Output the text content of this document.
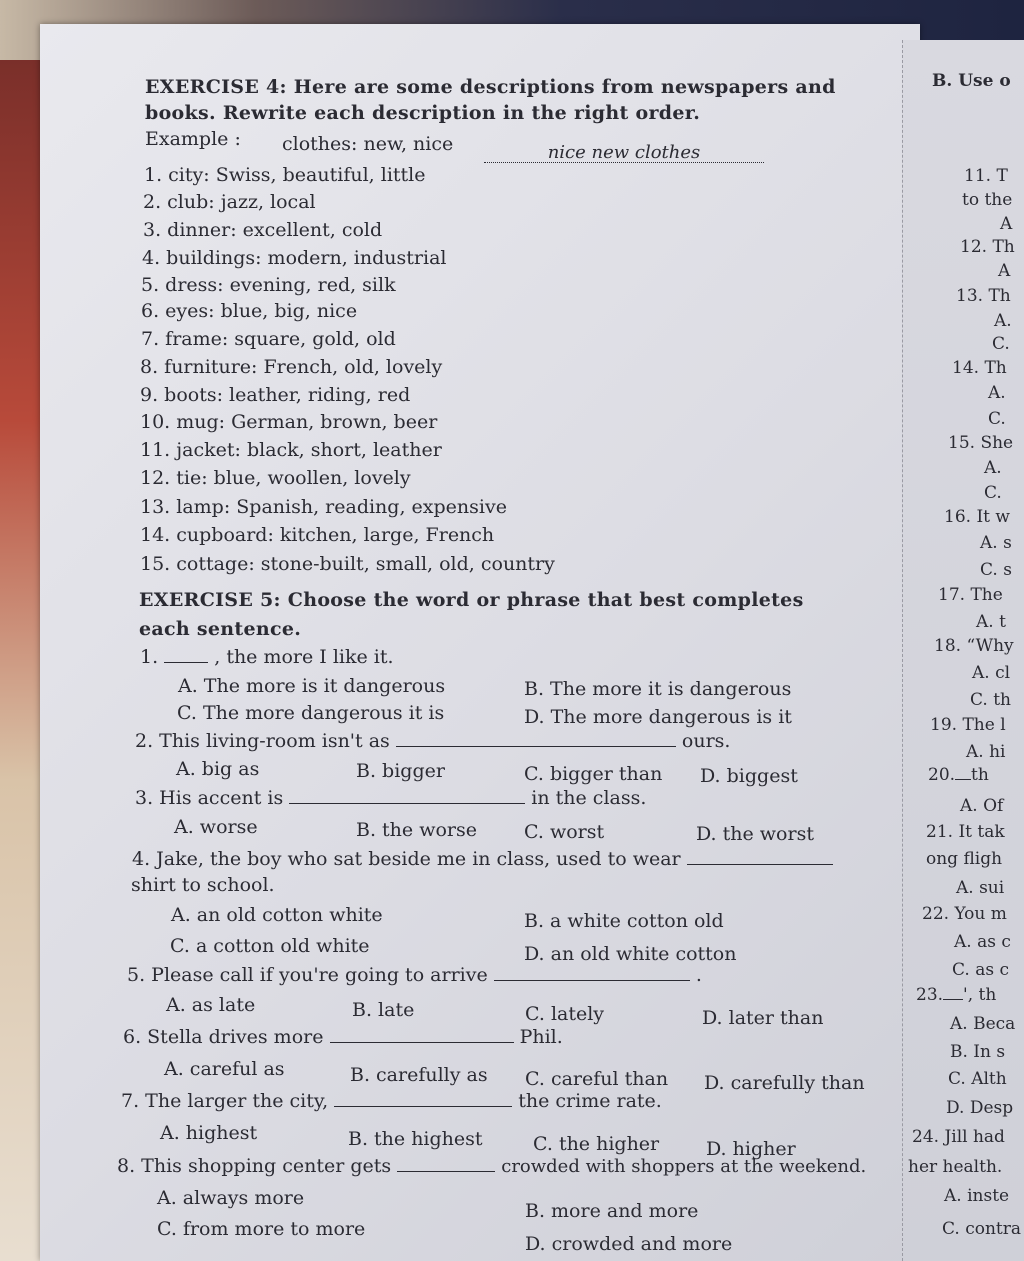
EXERCISE 4: Here are some descriptions from newspapers and
books. Rewrite each description in the right order.
Example : clothes: new, nice	nice new clothes
1. city: Swiss, beautiful, little
2. club: jazz, local
3. dinner: excellent, cold
4. buildings: modern, industrial
5. dress: evening, red, silk
6. eyes: blue, big, nice
7. frame: square, gold, old
8. furniture: French, old, lovely
9. boots: leather, riding, red
10. mug: German, brown, beer
11. jacket: black, short, leather
12. tie: blue, woollen, lovely
13. lamp: Spanish, reading, expensive
14. cupboard: kitchen, large, French
15. cottage: stone-built, small, old, country
EXERCISE 5: Choose the word or phrase that best completes
each sentence.
1.	, the more I like it.
A. The more is it dangerous	B. The more it is dangerous
C. The more dangerous it is	D. The more dangerous is it
2. This living-room isn't as	ours.
A. big as	B. bigger	C. bigger than D. biggest
3. His accent is	in the class.
A. worse	B. the worse C. worst	D. the worst
4. Jake, the boy who sat beside me in class, used to wear
shirt to school.
A. an old cotton white	B. a white cotton old
C. a cotton old white	D. an old white cotton
5. Please call if you're going to arrive	.
A. as late	B. late	C. lately	D. later than
6. Stella drives more	Phil.
A. careful as	B. carefully as C. careful than D. carefully than
7. The larger the city,	the crime rate.
A. highest	B. the highest	C. the higher D. higher
8. This shopping center gets	crowded with shoppers at the weekend.
A. always more
B. more and more
C. from more to more
D. crowded and more
B. Use o
11. T
to the
A
12. Th
A
13. Th
A.
C.
14. Th
A.
C.
15. She
A.
C.
16. It w
A. s
C. s
17. The
A. t
18. “Why
A. cl
C. th
19. The l
A. hi
20. th
A. Of
21. It tak
ong fligh
A. sui
22. You m
A. as c
C. as c
23. ', th
A. Beca
B. In s
C. Alth
D. Desp
24. Jill had
her health.
A. inste
C. contra
